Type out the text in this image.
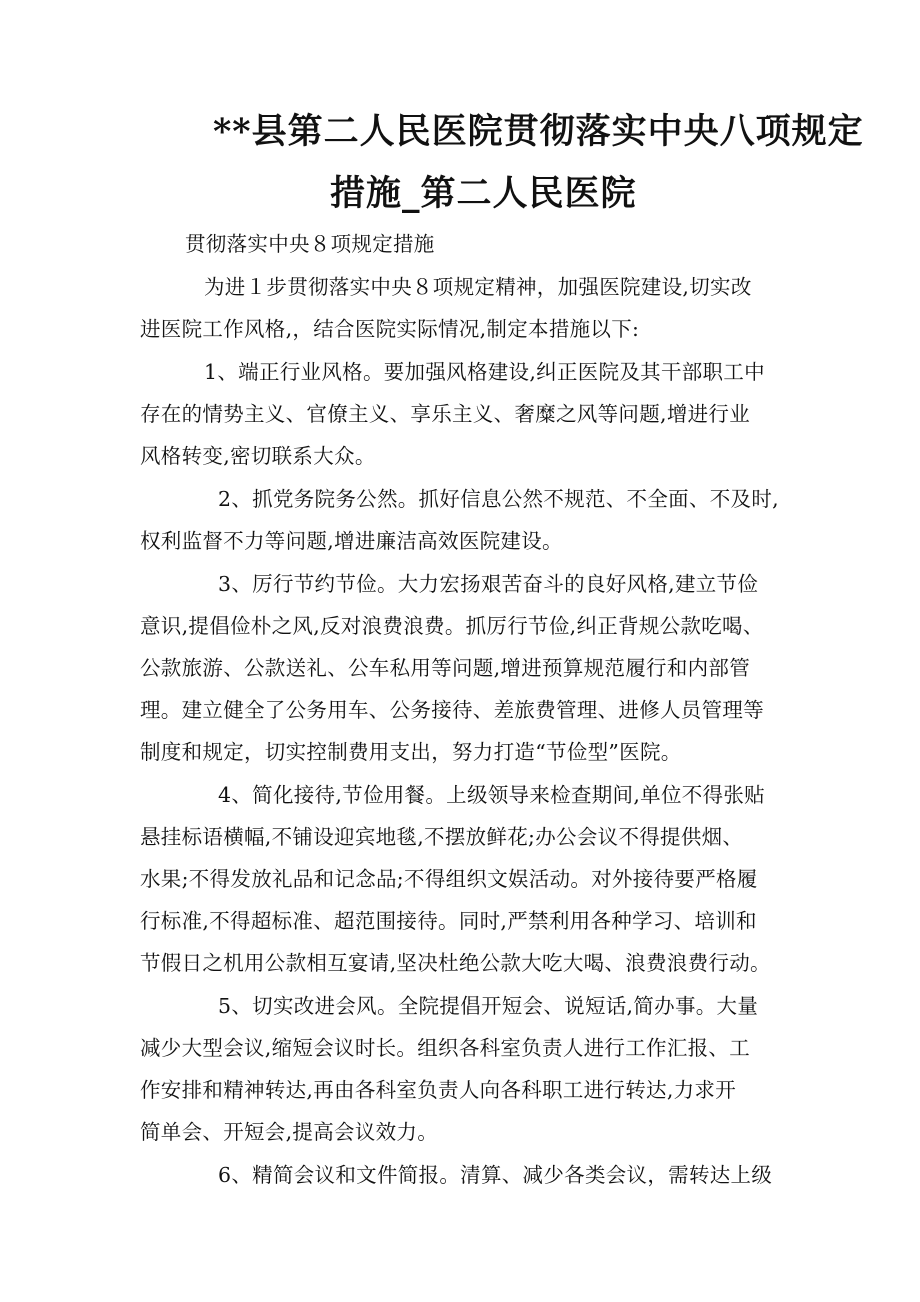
**县第二人民医院贯彻落实中央八项规定
措施_第二人民医院
贯彻落实中央８项规定措施
为进１步贯彻落实中央８项规定精神，加强医院建设,切实改
进医院工作风格,，结合医院实际情况,制定本措施以下:
1、端正行业风格。要加强风格建设,纠正医院及其干部职工中
存在的情势主义、官僚主义、享乐主义、奢糜之风等问题,增进行业
风格转变,密切联系大众。
2、抓党务院务公然。抓好信息公然不规范、不全面、不及时,
权利监督不力等问题,增进廉洁高效医院建设。
3、厉行节约节俭。大力宏扬艰苦奋斗的良好风格,建立节俭
意识,提倡俭朴之风,反对浪费浪费。抓厉行节俭,纠正背规公款吃喝、
公款旅游、公款送礼、公车私用等问题,增进预算规范履行和内部管
理。建立健全了公务用车、公务接待、差旅费管理、进修人员管理等
制度和规定，切实控制费用支出，努力打造“节俭型”医院。
4、简化接待,节俭用餐。上级领导来检查期间,单位不得张贴
悬挂标语横幅,不铺设迎宾地毯,不摆放鲜花;办公会议不得提供烟、
水果;不得发放礼品和记念品;不得组织文娱活动。对外接待要严格履
行标准,不得超标准、超范围接待。同时,严禁利用各种学习、培训和
节假日之机用公款相互宴请,坚决杜绝公款大吃大喝、浪费浪费行动。
5、切实改进会风。全院提倡开短会、说短话,简办事。大量
减少大型会议,缩短会议时长。组织各科室负责人进行工作汇报、工
作安排和精神转达,再由各科室负责人向各科职工进行转达,力求开
简单会、开短会,提高会议效力。
6、精简会议和文件简报。清算、减少各类会议，需转达上级
